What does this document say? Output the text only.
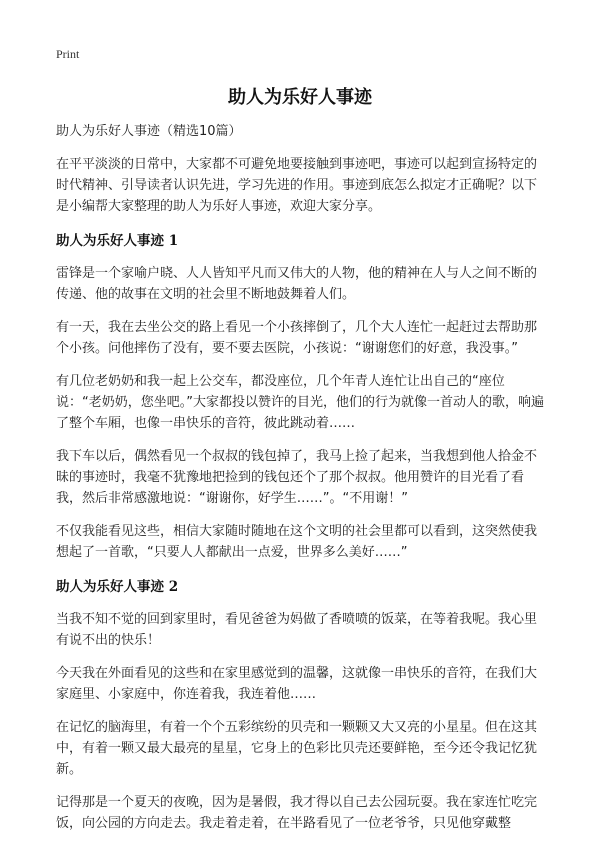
Print
助人为乐好人事迹
助人为乐好人事迹（精选10篇）

在平平淡淡的日常中，大家都不可避免地要接触到事迹吧，事迹可以起到宣扬特定的时代精神、引导读者认识先进，学习先进的作用。事迹到底怎么拟定才正确呢？以下是小编帮大家整理的助人为乐好人事迹，欢迎大家分享。

助人为乐好人事迹 1

雷锋是一个家喻户晓、人人皆知平凡而又伟大的人物，他的精神在人与人之间不断的传递、他的故事在文明的社会里不断地鼓舞着人们。

有一天，我在去坐公交的路上看见一个小孩摔倒了，几个大人连忙一起赶过去帮助那个小孩。问他摔伤了没有，要不要去医院，小孩说：“谢谢您们的好意，我没事。”

有几位老奶奶和我一起上公交车，都没座位，几个年青人连忙让出自己的“座位说：“老奶奶，您坐吧。”大家都投以赞许的目光，他们的行为就像一首动人的歌，响遍了整个车厢，也像一串快乐的音符，彼此跳动着……

我下车以后，偶然看见一个叔叔的钱包掉了，我马上捡了起来，当我想到他人拾金不昧的事迹时，我毫不犹豫地把捡到的钱包还个了那个叔叔。他用赞许的目光看了看我，然后非常感激地说：“谢谢你，好学生……”。“不用谢！”

不仅我能看见这些，相信大家随时随地在这个文明的社会里都可以看到，这突然使我想起了一首歌，“只要人人都献出一点爱，世界多么美好……”

助人为乐好人事迹 2

当我不知不觉的回到家里时，看见爸爸为妈做了香喷喷的饭菜，在等着我呢。我心里有说不出的快乐！

今天我在外面看见的这些和在家里感觉到的温馨，这就像一串快乐的音符，在我们大家庭里、小家庭中，你连着我，我连着他……

在记忆的脑海里，有着一个个五彩缤纷的贝壳和一颗颗又大又亮的小星星。但在这其中，有着一颗又最大最亮的星星，它身上的色彩比贝壳还要鲜艳，至今还令我记忆犹新。

记得那是一个夏天的夜晚，因为是暑假，我才得以自己去公园玩耍。我在家连忙吃完饭，向公园的方向走去。我走着走着，在半路看见了一位老爷爷，只见他穿戴整
